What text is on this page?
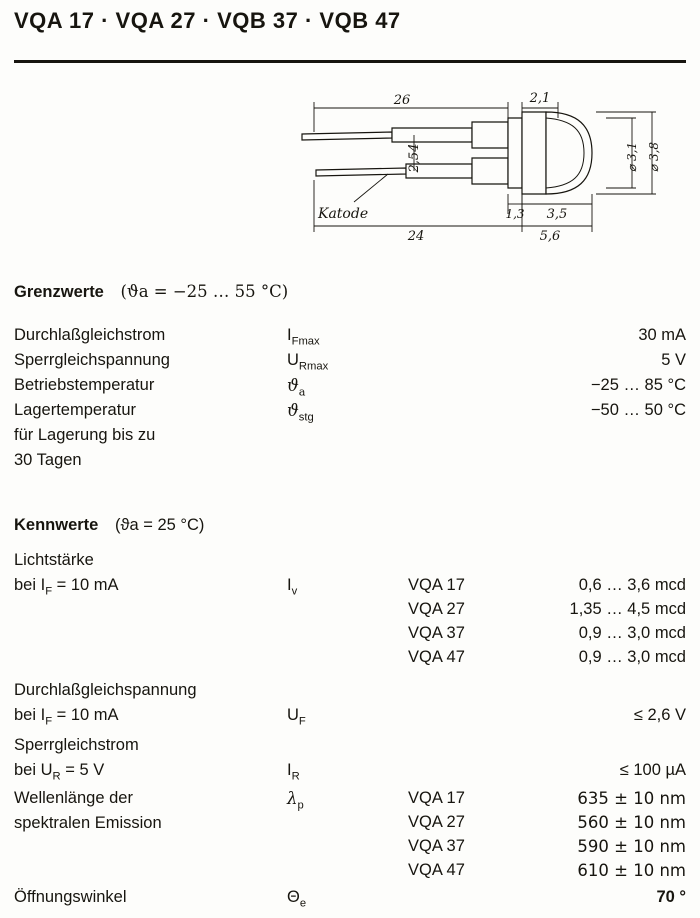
VQA 17 · VQA 27 · VQB 37 · VQB 47
26	2,1
2,54
24
1,3 3,5
5,6
⌀ 3,1 ⌀ 3,8
Katode
Grenzwerte (ϑa = −25 … 55 °C)
Durchlaßgleichstrom	$I_{Fmax}$	30 mA
Sperrgleichspannung	$U_{Rmax}$	5 V
Betriebstemperatur	$ϑ_a$	−25 … 85 °C
Lagertemperatur	$ϑ_{stg}$	−50 … 50 °C
für Lagerung bis zu
30 Tagen
Kennwerte (ϑa = 25 °C)
Lichtstärke
bei $I_F = 10$ mA	$I_v$	VQA 17	0,6 … 3,6 mcd
VQA 27	1,35 … 4,5 mcd
VQA 37	0,9 … 3,0 mcd
VQA 47	0,9 … 3,0 mcd
Durchlaßgleichspannung
bei $I_F = 10$ mA	$U_F$	≤ 2,6 V
Sperrgleichstrom
bei $U_R = 5$ V	$I_R$	≤ 100 µA
Wellenlänge der
spektralen Emission
$\lambda_p$	VQA 17	635 ± 10 nm
VQA 27	560 ± 10 nm
VQA 37	590 ± 10 nm
VQA 47	610 ± 10 nm
Öffnungswinkel	$\Theta_e$	70 °
